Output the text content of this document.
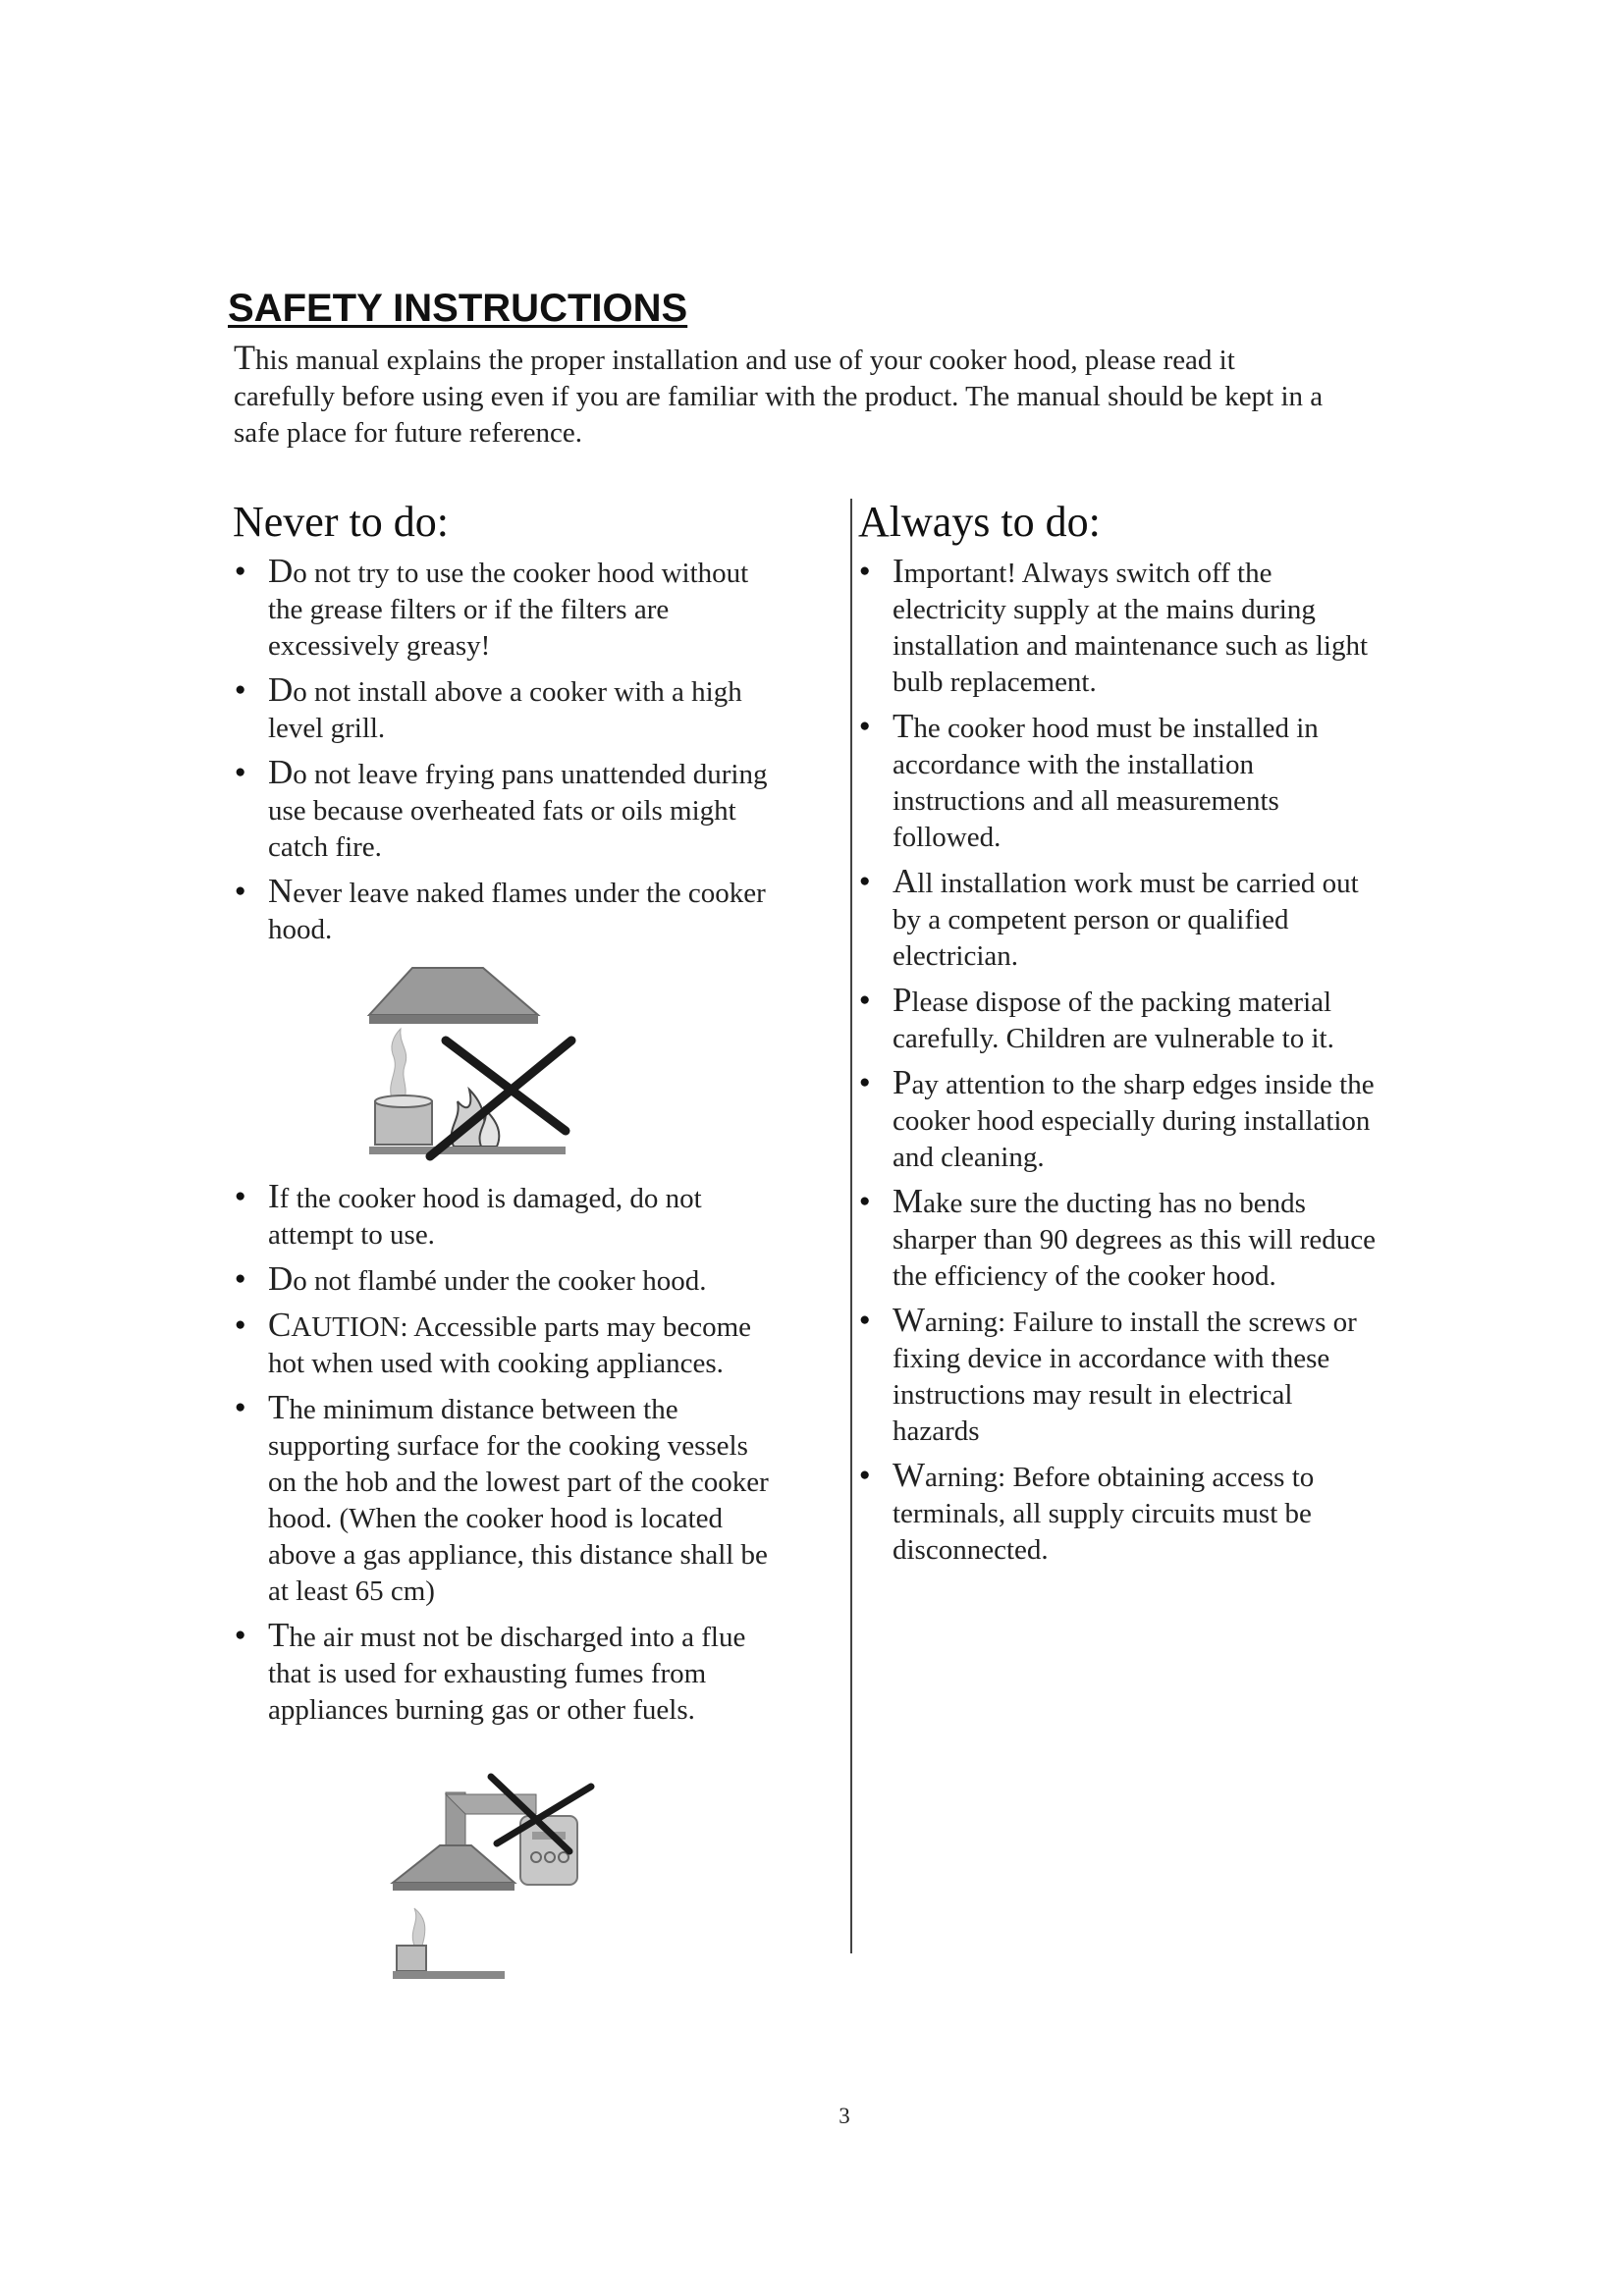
SAFETY INSTRUCTIONS

This manual explains the proper installation and use of your cooker hood, please read it carefully before using even if you are familiar with the product. The manual should be kept in a safe place for future reference.

Never to do:
● Do not try to use the cooker hood without the grease filters or if the filters are excessively greasy!
● Do not install above a cooker with a high level grill.
● Do not leave frying pans unattended during use because overheated fats or oils might catch fire.
● Never leave naked flames under the cooker hood.
● If the cooker hood is damaged, do not attempt to use.
● Do not flambé under the cooker hood.
● CAUTION: Accessible parts may become hot when used with cooking appliances.
● The minimum distance between the supporting surface for the cooking vessels on the hob and the lowest part of the cooker hood. (When the cooker hood is located above a gas appliance, this distance shall be at least 65 cm)
● The air must not be discharged into a flue that is used for exhausting fumes from appliances burning gas or other fuels.
Always to do:
● Important! Always switch off the electricity supply at the mains during installation and maintenance such as light bulb replacement.
● The cooker hood must be installed in accordance with the installation instructions and all measurements followed.
● All installation work must be carried out by a competent person or qualified electrician.
● Please dispose of the packing material carefully. Children are vulnerable to it.
● Pay attention to the sharp edges inside the cooker hood especially during installation and cleaning.
● Make sure the ducting has no bends sharper than 90 degrees as this will reduce the efficiency of the cooker hood.
● Warning: Failure to install the screws or fixing device in accordance with these instructions may result in electrical hazards
● Warning: Before obtaining access to terminals, all supply circuits must be disconnected.
3
